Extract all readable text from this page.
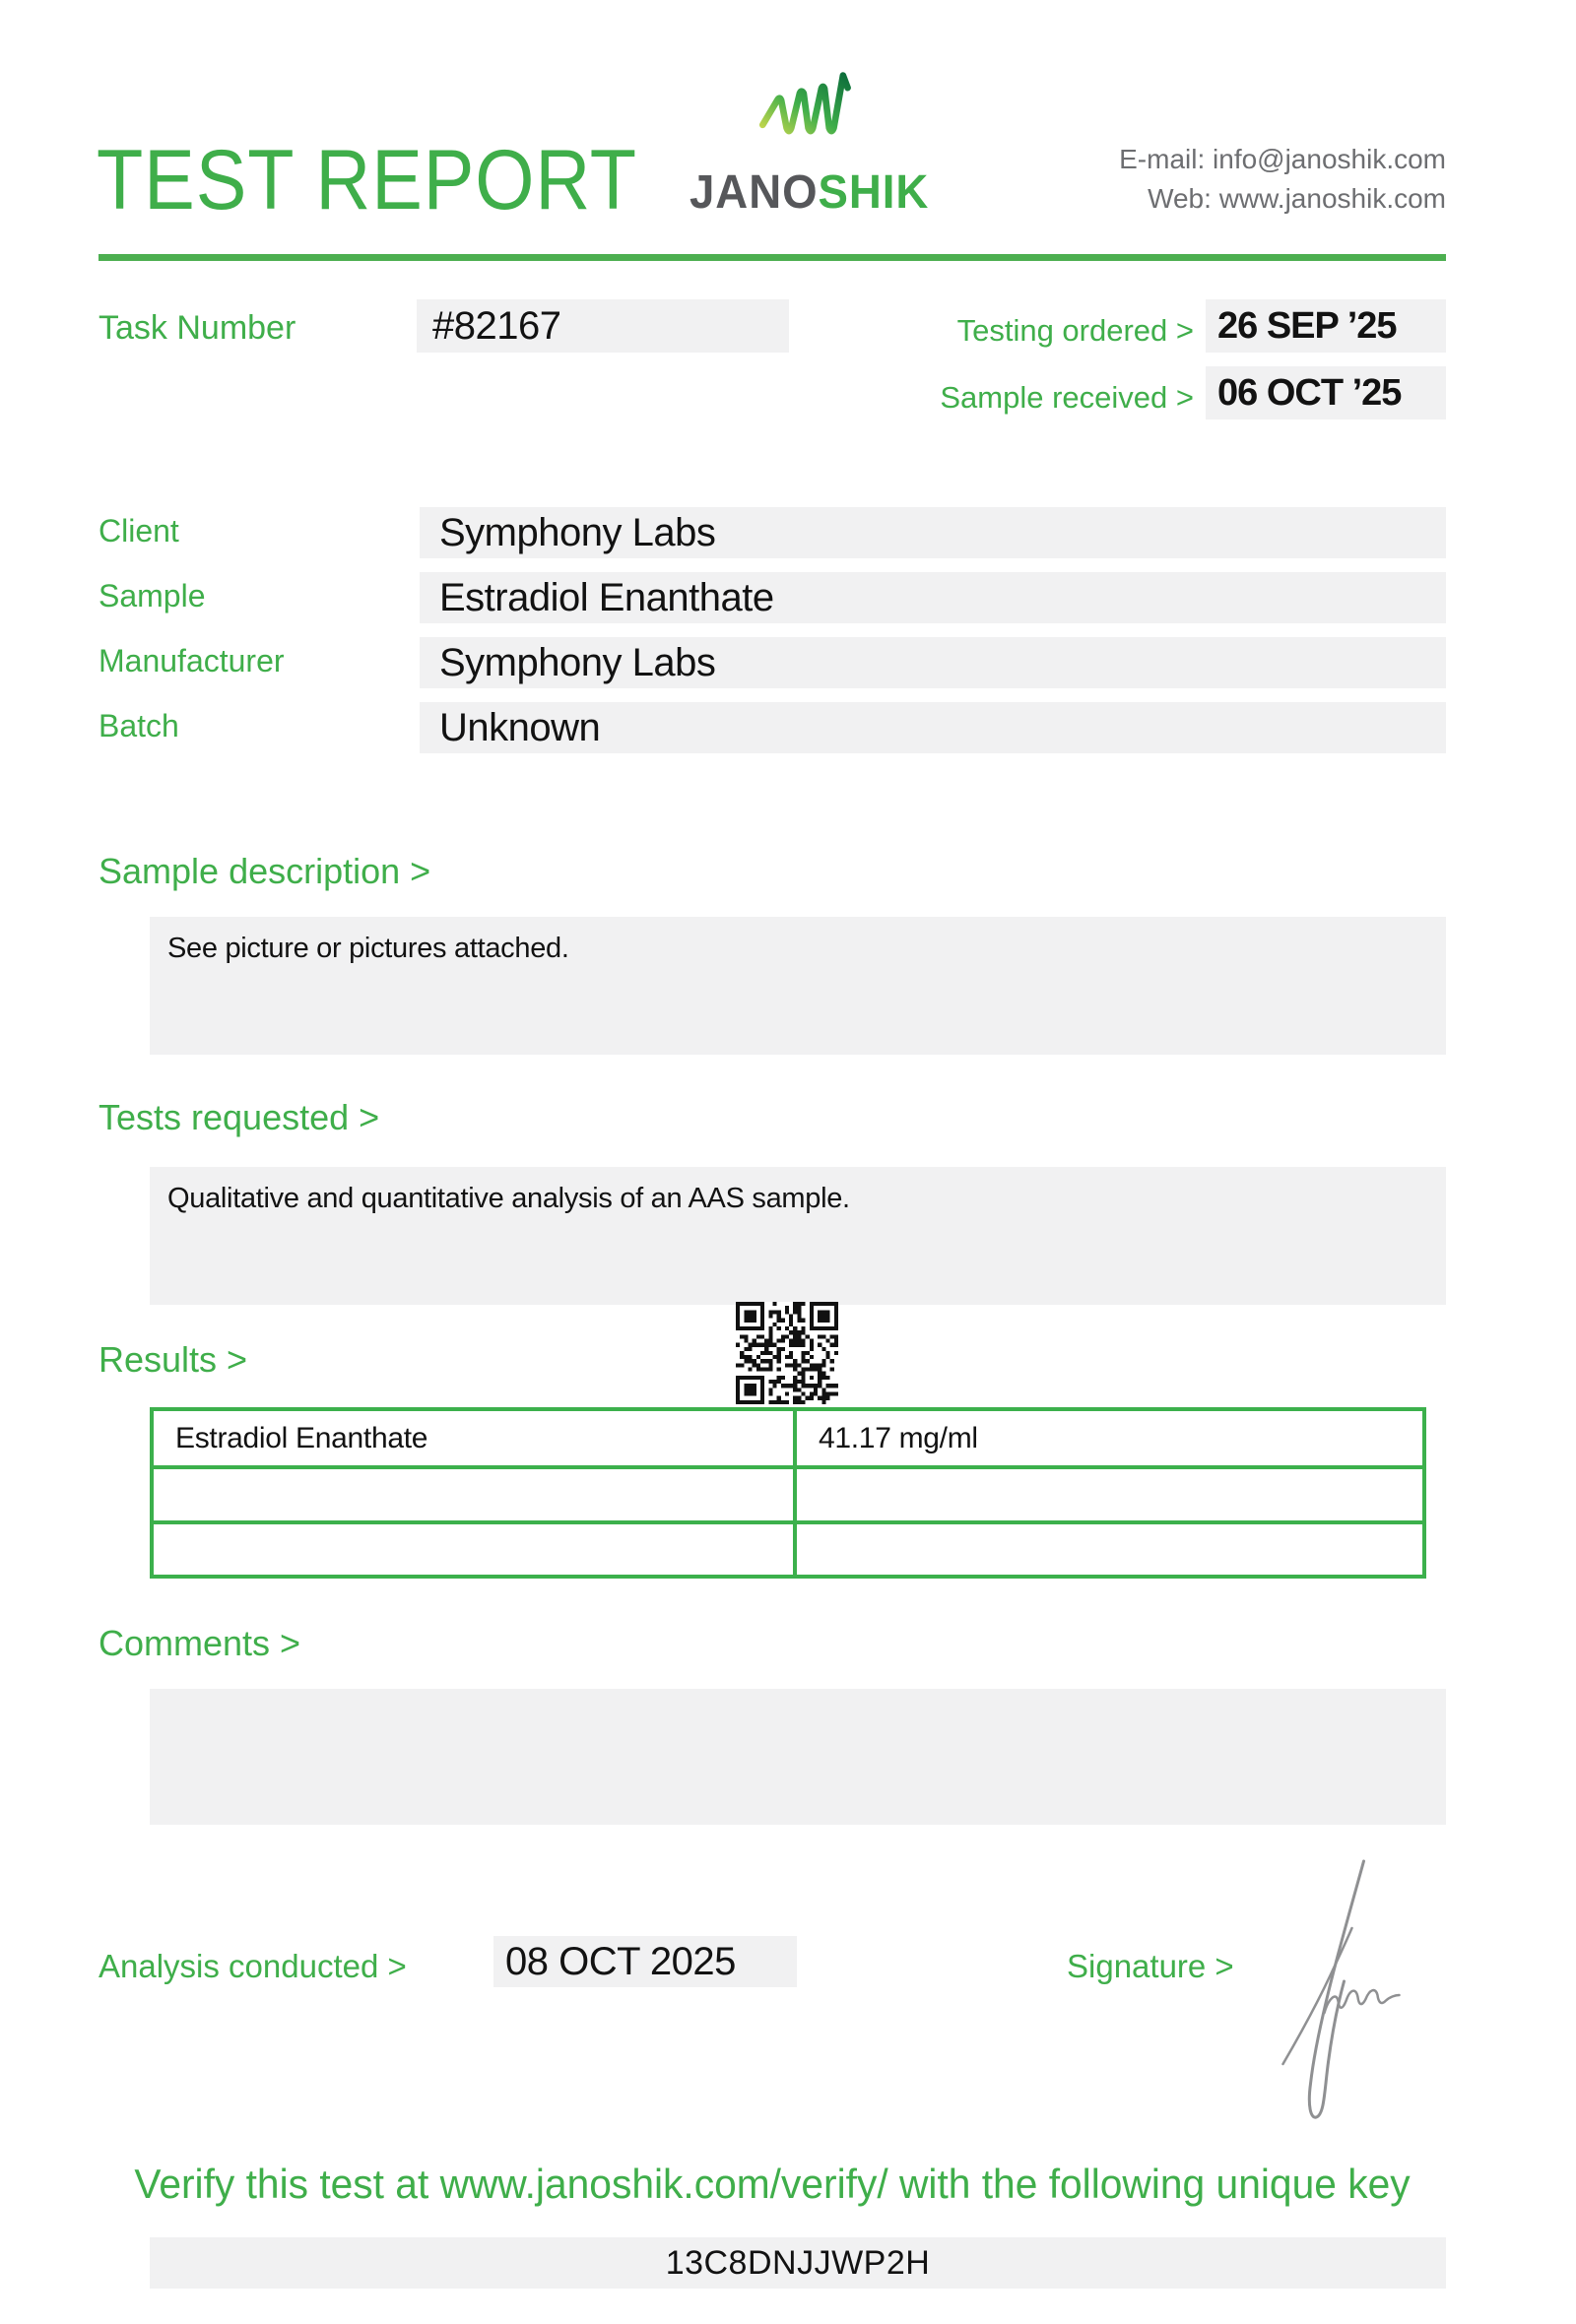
TEST REPORT JANOSHIK
E-mail: info@janoshik.com
Web: www.janoshik.com
Task Number	#82167	Testing ordered > 26 SEP ’25
Sample received > 06 OCT ’25
Client	Symphony Labs
Sample	Estradiol Enanthate
Manufacturer	Symphony Labs
Batch	Unknown
Sample description >
See picture or pictures attached.
Tests requested >
Qualitative and quantitative analysis of an AAS sample.
Results >
Estradiol Enanthate	41.17 mg/ml
Comments >
Analysis conducted >	08 OCT 2025	Signature >
Verify this test at www.janoshik.com/verify/ with the following unique key
13C8DNJJWP2H
